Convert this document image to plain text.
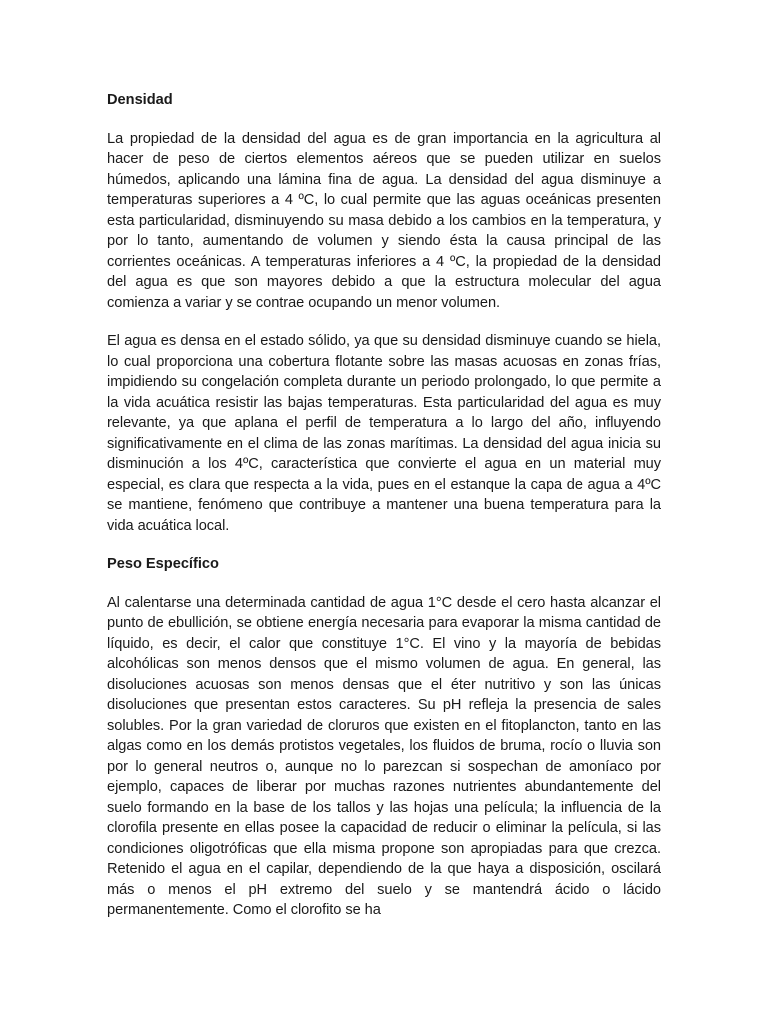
Densidad

La propiedad de la densidad del agua es de gran importancia en la agricultura al hacer de peso de ciertos elementos aéreos que se pueden utilizar en suelos húmedos, aplicando una lámina fina de agua. La densidad del agua disminuye a temperaturas superiores a 4 ºC, lo cual permite que las aguas oceánicas presenten esta particularidad, disminuyendo su masa debido a los cambios en la temperatura, y por lo tanto, aumentando de volumen y siendo ésta la causa principal de las corrientes oceánicas. A temperaturas inferiores a 4 ºC, la propiedad de la densidad del agua es que son mayores debido a que la estructura molecular del agua comienza a variar y se contrae ocupando un menor volumen.

El agua es densa en el estado sólido, ya que su densidad disminuye cuando se hiela, lo cual proporciona una cobertura flotante sobre las masas acuosas en zonas frías, impidiendo su congelación completa durante un periodo prolongado, lo que permite a la vida acuática resistir las bajas temperaturas. Esta particularidad del agua es muy relevante, ya que aplana el perfil de temperatura a lo largo del año, influyendo significativamente en el clima de las zonas marítimas. La densidad del agua inicia su disminución a los 4ºC, característica que convierte el agua en un material muy especial, es clara que respecta a la vida, pues en el estanque la capa de agua a 4ºC se mantiene, fenómeno que contribuye a mantener una buena temperatura para la vida acuática local.

Peso Específico

Al calentarse una determinada cantidad de agua 1°C desde el cero hasta alcanzar el punto de ebullición, se obtiene energía necesaria para evaporar la misma cantidad de líquido, es decir, el calor que constituye 1°C. El vino y la mayoría de bebidas alcohólicas son menos densos que el mismo volumen de agua. En general, las disoluciones acuosas son menos densas que el éter nutritivo y son las únicas disoluciones que presentan estos caracteres. Su pH refleja la presencia de sales solubles. Por la gran variedad de cloruros que existen en el fitoplancton, tanto en las algas como en los demás protistos vegetales, los fluidos de bruma, rocío o lluvia son por lo general neutros o, aunque no lo parezcan si sospechan de amoníaco por ejemplo, capaces de liberar por muchas razones nutrientes abundantemente del suelo formando en la base de los tallos y las hojas una película; la influencia de la clorofila presente en ellas posee la capacidad de reducir o eliminar la película, si las condiciones oligotróficas que ella misma propone son apropiadas para que crezca. Retenido el agua en el capilar, dependiendo de la que haya a disposición, oscilará más o menos el pH extremo del suelo y se mantendrá ácido o lácido permanentemente. Como el clorofito se ha
